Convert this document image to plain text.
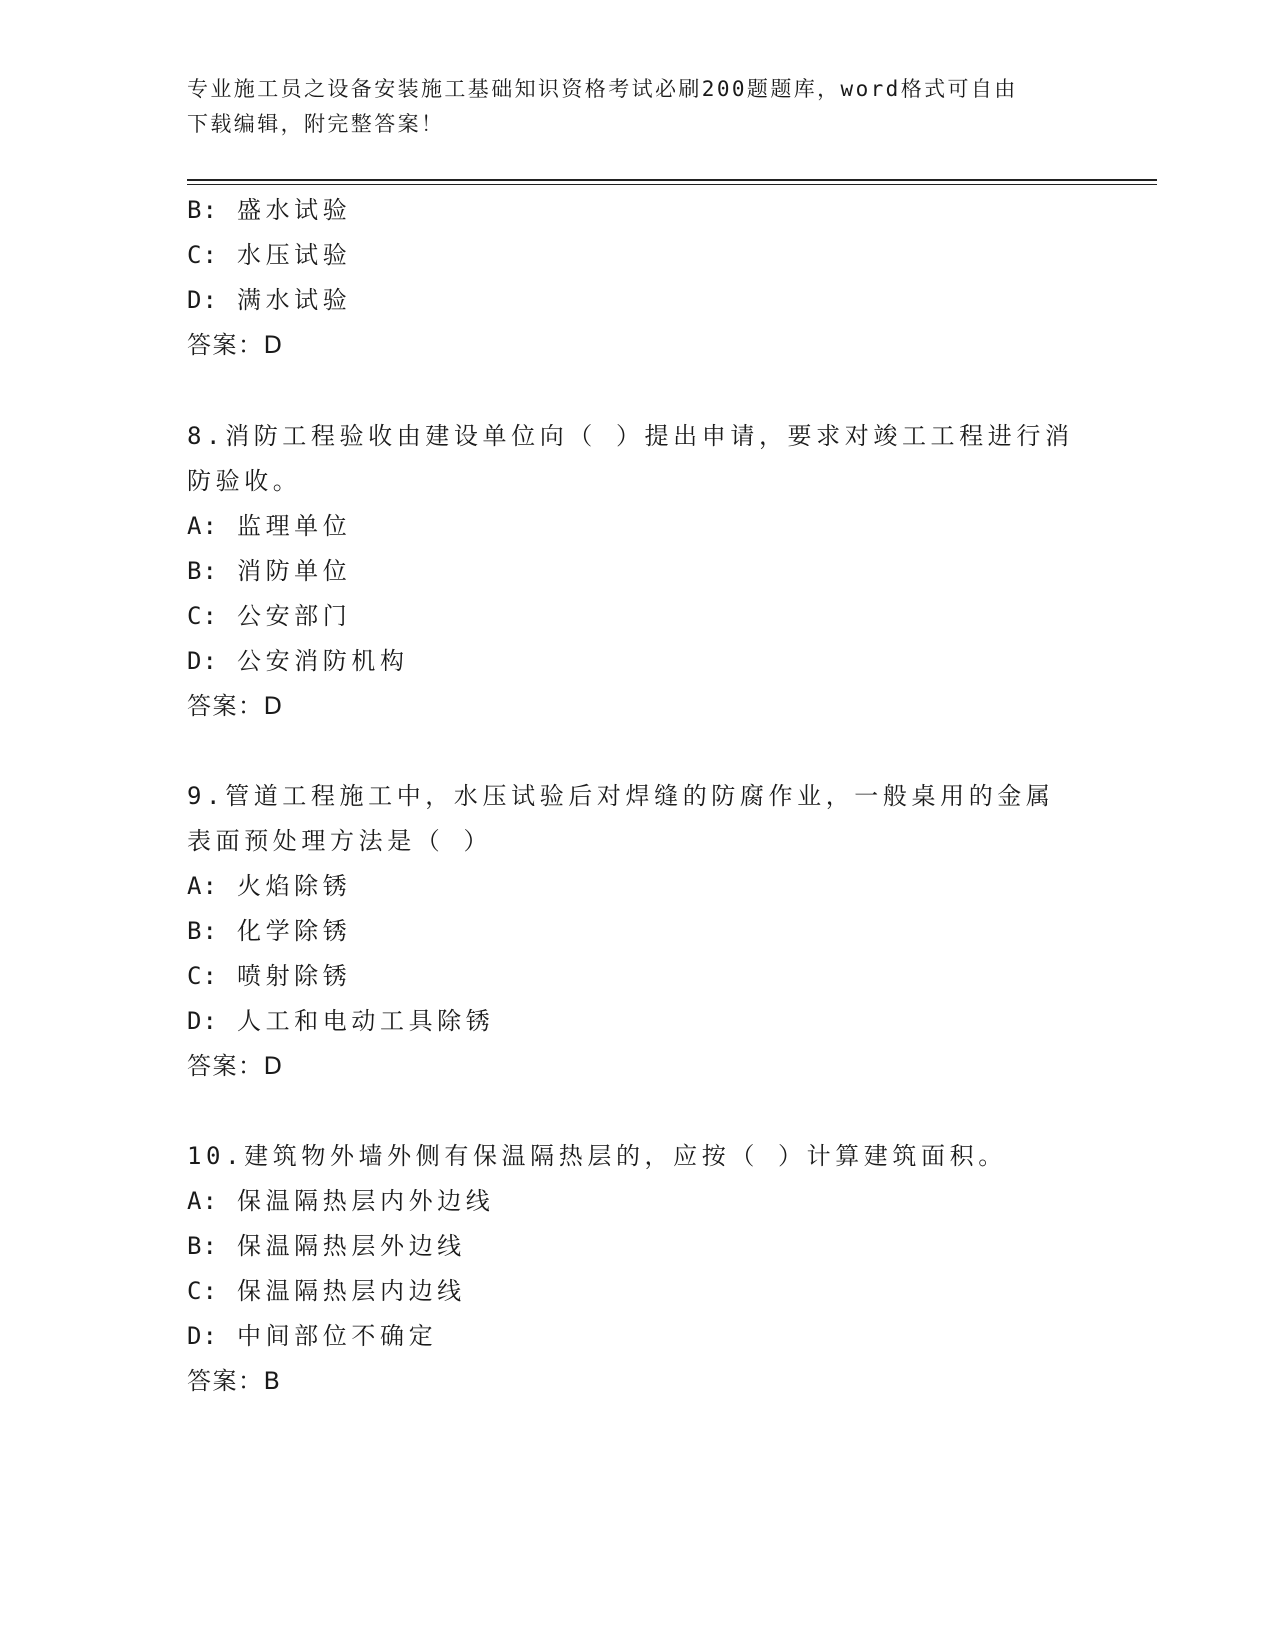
专业施工员之设备安装施工基础知识资格考试必刷200题题库，word格式可自由
下载编辑，附完整答案！
B: 盛水试验
C: 水压试验
D: 满水试验
答案：D
8.消防工程验收由建设单位向（ ）提出申请，要求对竣工工程进行消
防验收。
A: 监理单位
B: 消防单位
C: 公安部门
D: 公安消防机构
答案：D
9.管道工程施工中，水压试验后对焊缝的防腐作业，一般桌用的金属
表面预处理方法是（ ）
A: 火焰除锈
B: 化学除锈
C: 喷射除锈
D: 人工和电动工具除锈
答案：D
10.建筑物外墙外侧有保温隔热层的，应按（ ）计算建筑面积。
A: 保温隔热层内外边线
B: 保温隔热层外边线
C: 保温隔热层内边线
D: 中间部位不确定
答案：B
